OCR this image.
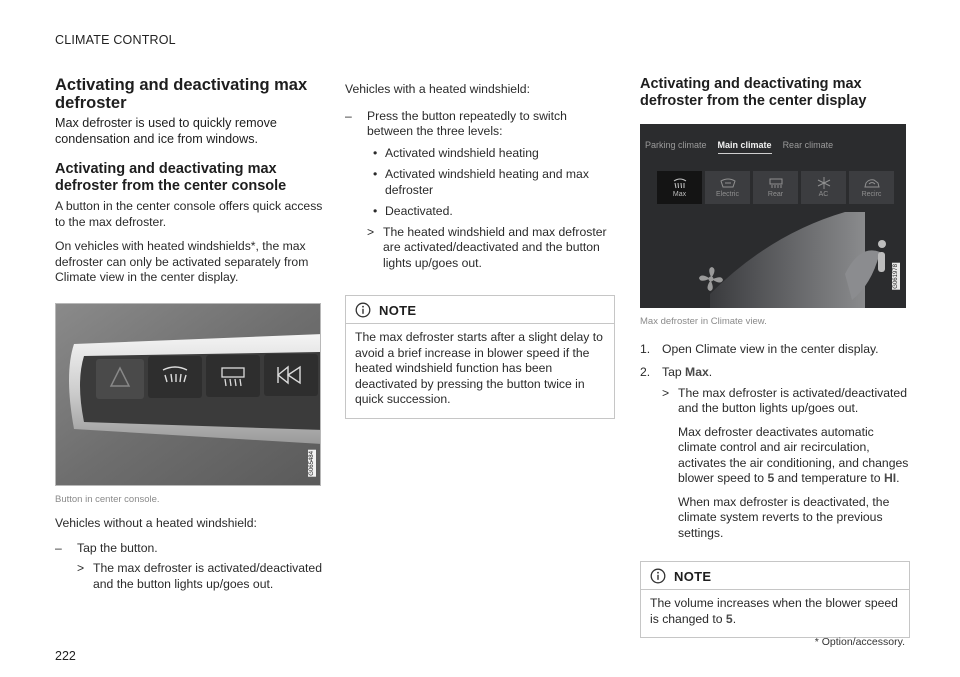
CLIMATE CONTROL
Activating and deactivating max defroster

Max defroster is used to quickly remove condensation and ice from windows.

Activating and deactivating max defroster from the center console

A button in the center console offers quick access to the max defroster.

On vehicles with heated windshields*, the max defroster can only be activated separately from Climate view in the center display.

G065484

Button in center console.

Vehicles without a heated windshield:

– Tap the button.
> The max defroster is activated/deactivated and the button lights up/goes out.

Vehicles with a heated windshield:

– Press the button repeatedly to switch between the three levels:
• Activated windshield heating
• Activated windshield heating and max defroster
• Deactivated.
> The heated windshield and max defroster are activated/deactivated and the button lights up/goes out.
NOTE

The max defroster starts after a slight delay to avoid a brief increase in blower speed if the heated windshield function has been deactivated by pressing the button twice in quick succession.

Activating and deactivating max defroster from the center display
Parking climate Main climate Rear climate
Max	Electric	Rear	AC	Recirc
G061978

Max defroster in Climate view.

1. Open Climate view in the center display.
2. Tap Max.
> The max defroster is activated/deactivated and the button lights up/goes out.
Max defroster deactivates automatic climate control and air recirculation, activates the air conditioning, and changes blower speed to 5 and temperature to HI.
When max defroster is deactivated, the climate system reverts to the previous settings.
NOTE

The volume increases when the blower speed is changed to 5.

* Option/accessory.
222
